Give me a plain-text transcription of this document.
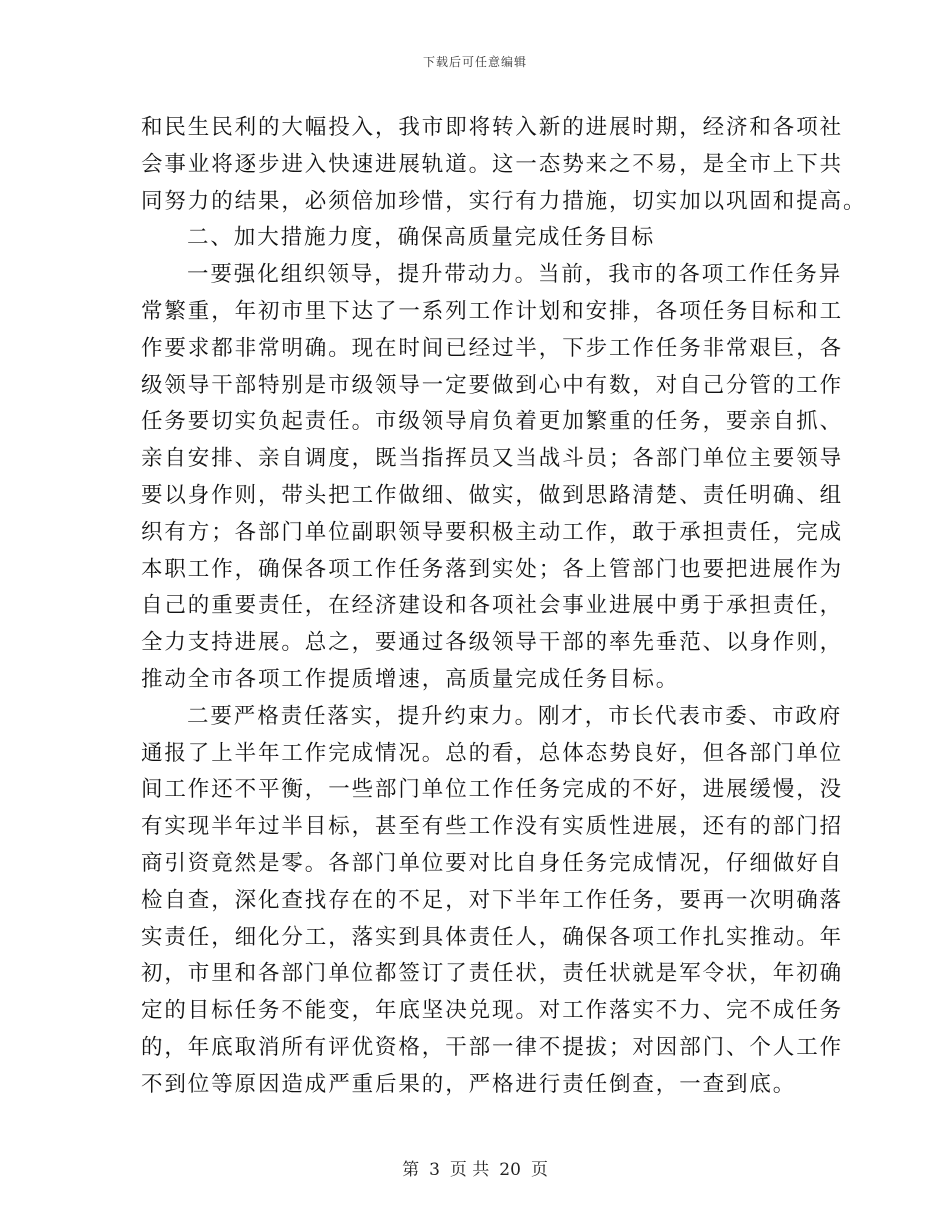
下载后可任意编辑
和民生民利的大幅投入，我市即将转入新的进展时期，经济和各项社
会事业将逐步进入快速进展轨道。这一态势来之不易，是全市上下共
同努力的结果，必须倍加珍惜，实行有力措施，切实加以巩固和提高。
二、加大措施力度，确保高质量完成任务目标
一要强化组织领导，提升带动力。当前，我市的各项工作任务异
常繁重，年初市里下达了一系列工作计划和安排，各项任务目标和工
作要求都非常明确。现在时间已经过半，下步工作任务非常艰巨，各
级领导干部特别是市级领导一定要做到心中有数，对自己分管的工作
任务要切实负起责任。市级领导肩负着更加繁重的任务，要亲自抓、
亲自安排、亲自调度，既当指挥员又当战斗员；各部门单位主要领导
要以身作则，带头把工作做细、做实，做到思路清楚、责任明确、组
织有方；各部门单位副职领导要积极主动工作，敢于承担责任，完成
本职工作，确保各项工作任务落到实处；各上管部门也要把进展作为
自己的重要责任，在经济建设和各项社会事业进展中勇于承担责任，
全力支持进展。总之，要通过各级领导干部的率先垂范、以身作则，
推动全市各项工作提质增速，高质量完成任务目标。
二要严格责任落实，提升约束力。刚才，市长代表市委、市政府
通报了上半年工作完成情况。总的看，总体态势良好，但各部门单位
间工作还不平衡，一些部门单位工作任务完成的不好，进展缓慢，没
有实现半年过半目标，甚至有些工作没有实质性进展，还有的部门招
商引资竟然是零。各部门单位要对比自身任务完成情况，仔细做好自
检自查，深化查找存在的不足，对下半年工作任务，要再一次明确落
实责任，细化分工，落实到具体责任人，确保各项工作扎实推动。年
初，市里和各部门单位都签订了责任状，责任状就是军令状，年初确
定的目标任务不能变，年底坚决兑现。对工作落实不力、完不成任务
的，年底取消所有评优资格，干部一律不提拔；对因部门、个人工作
不到位等原因造成严重后果的，严格进行责任倒查，一查到底。
第 3 页 共 20 页
